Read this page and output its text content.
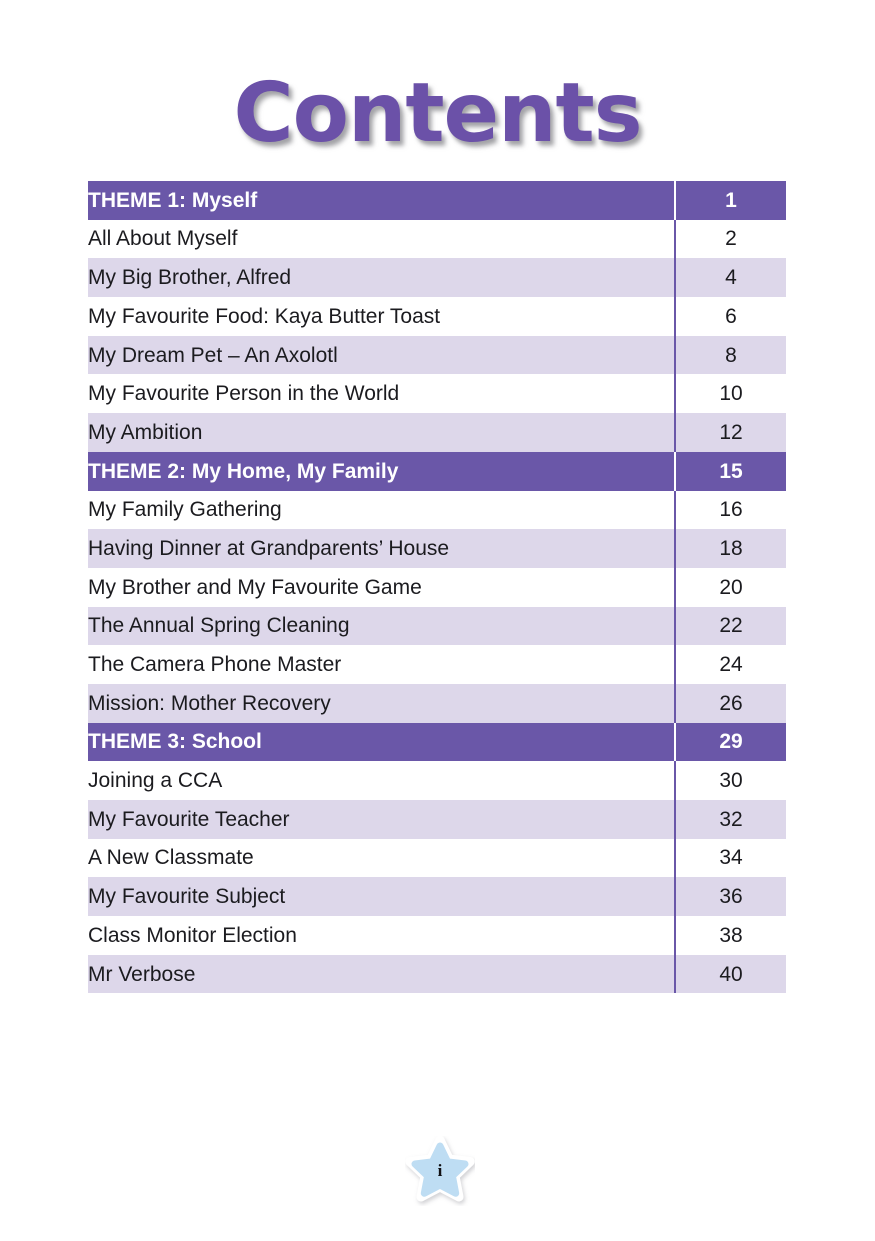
Contents
THEME 1: Myself		1
All About Myself		2
My Big Brother, Alfred		4
My Favourite Food: Kaya Butter Toast		6
My Dream Pet – An Axolotl		8
My Favourite Person in the World		10
My Ambition		12
THEME 2: My Home, My Family		15
My Family Gathering		16
Having Dinner at Grandparents’ House		18
My Brother and My Favourite Game		20
The Annual Spring Cleaning		22
The Camera Phone Master		24
Mission: Mother Recovery		26
THEME 3: School		29
Joining a CCA		30
My Favourite Teacher		32
A New Classmate		34
My Favourite Subject		36
Class Monitor Election		38
Mr Verbose		40
i
